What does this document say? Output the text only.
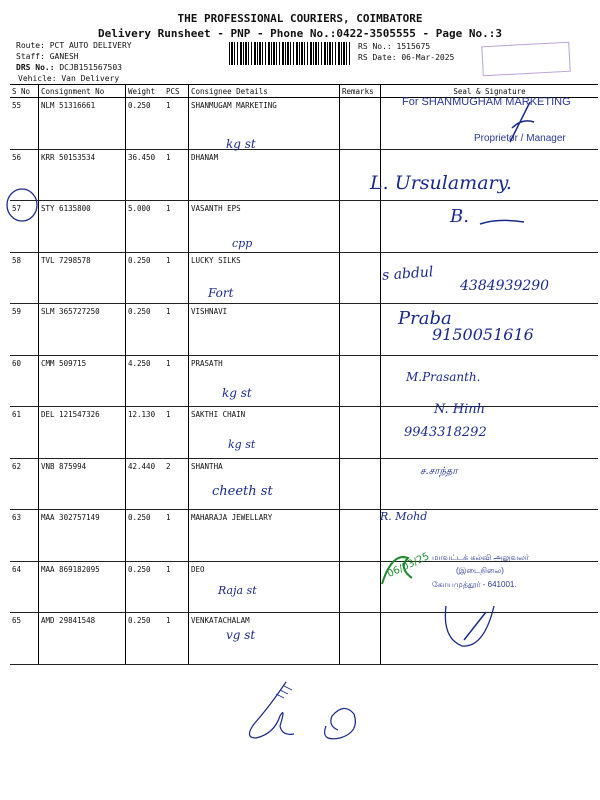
THE PROFESSIONAL COURIERS, COIMBATORE
Delivery Runsheet - PNP - Phone No.:0422-3505555 - Page No.:3
Route: PCT AUTO DELIVERY
Staff: GANESH
DRS No.: DCJB151567503
Vehicle: Van Delivery
RS No.: 1515675
RS Date: 06-Mar-2025

S No	Consignment No	Weight	PCS	Consignee Details	Remarks	Seal & Signature
55	NLM 51316661	0.250	1	SHANMUGAM MARKETING		
56	KRR 50153534	36.450	1	DHANAM		
57	STY 6135800	5.000	1	VASANTH EPS		
58	TVL 7298578	0.250	1	LUCKY SILKS		
59	SLM 365727250	0.250	1	VISHNAVI		
60	CMM 509715	4.250	1	PRASATH		
61	DEL 121547326	12.130	1	SAKTHI CHAIN		
62	VNB 875994	42.440	2	SHANTHA		
63	MAA 302757149	0.250	1	MAHARAJA JEWELLARY		
64	MAA 869182095	0.250	1	DEO		
65	AMD 29841548	0.250	1	VENKATACHALAM		
kg st
For SHANMUGHAM MARKETING
Proprietor / Manager
L. Ursulamary.
cpp
B.
Fort
s abdul
4384939290
Praba
9150051616
M.Prasanth.
kg st
N. Hinh
9943318292
kg st
ச.சாந்தா
cheeth st
R. Mohd
Raja st
06/03/25 மாவட்டக் கல்வி அலுவலர்
(இடைநிலை)
கோயமுத்தூர் - 641001.
vg st
